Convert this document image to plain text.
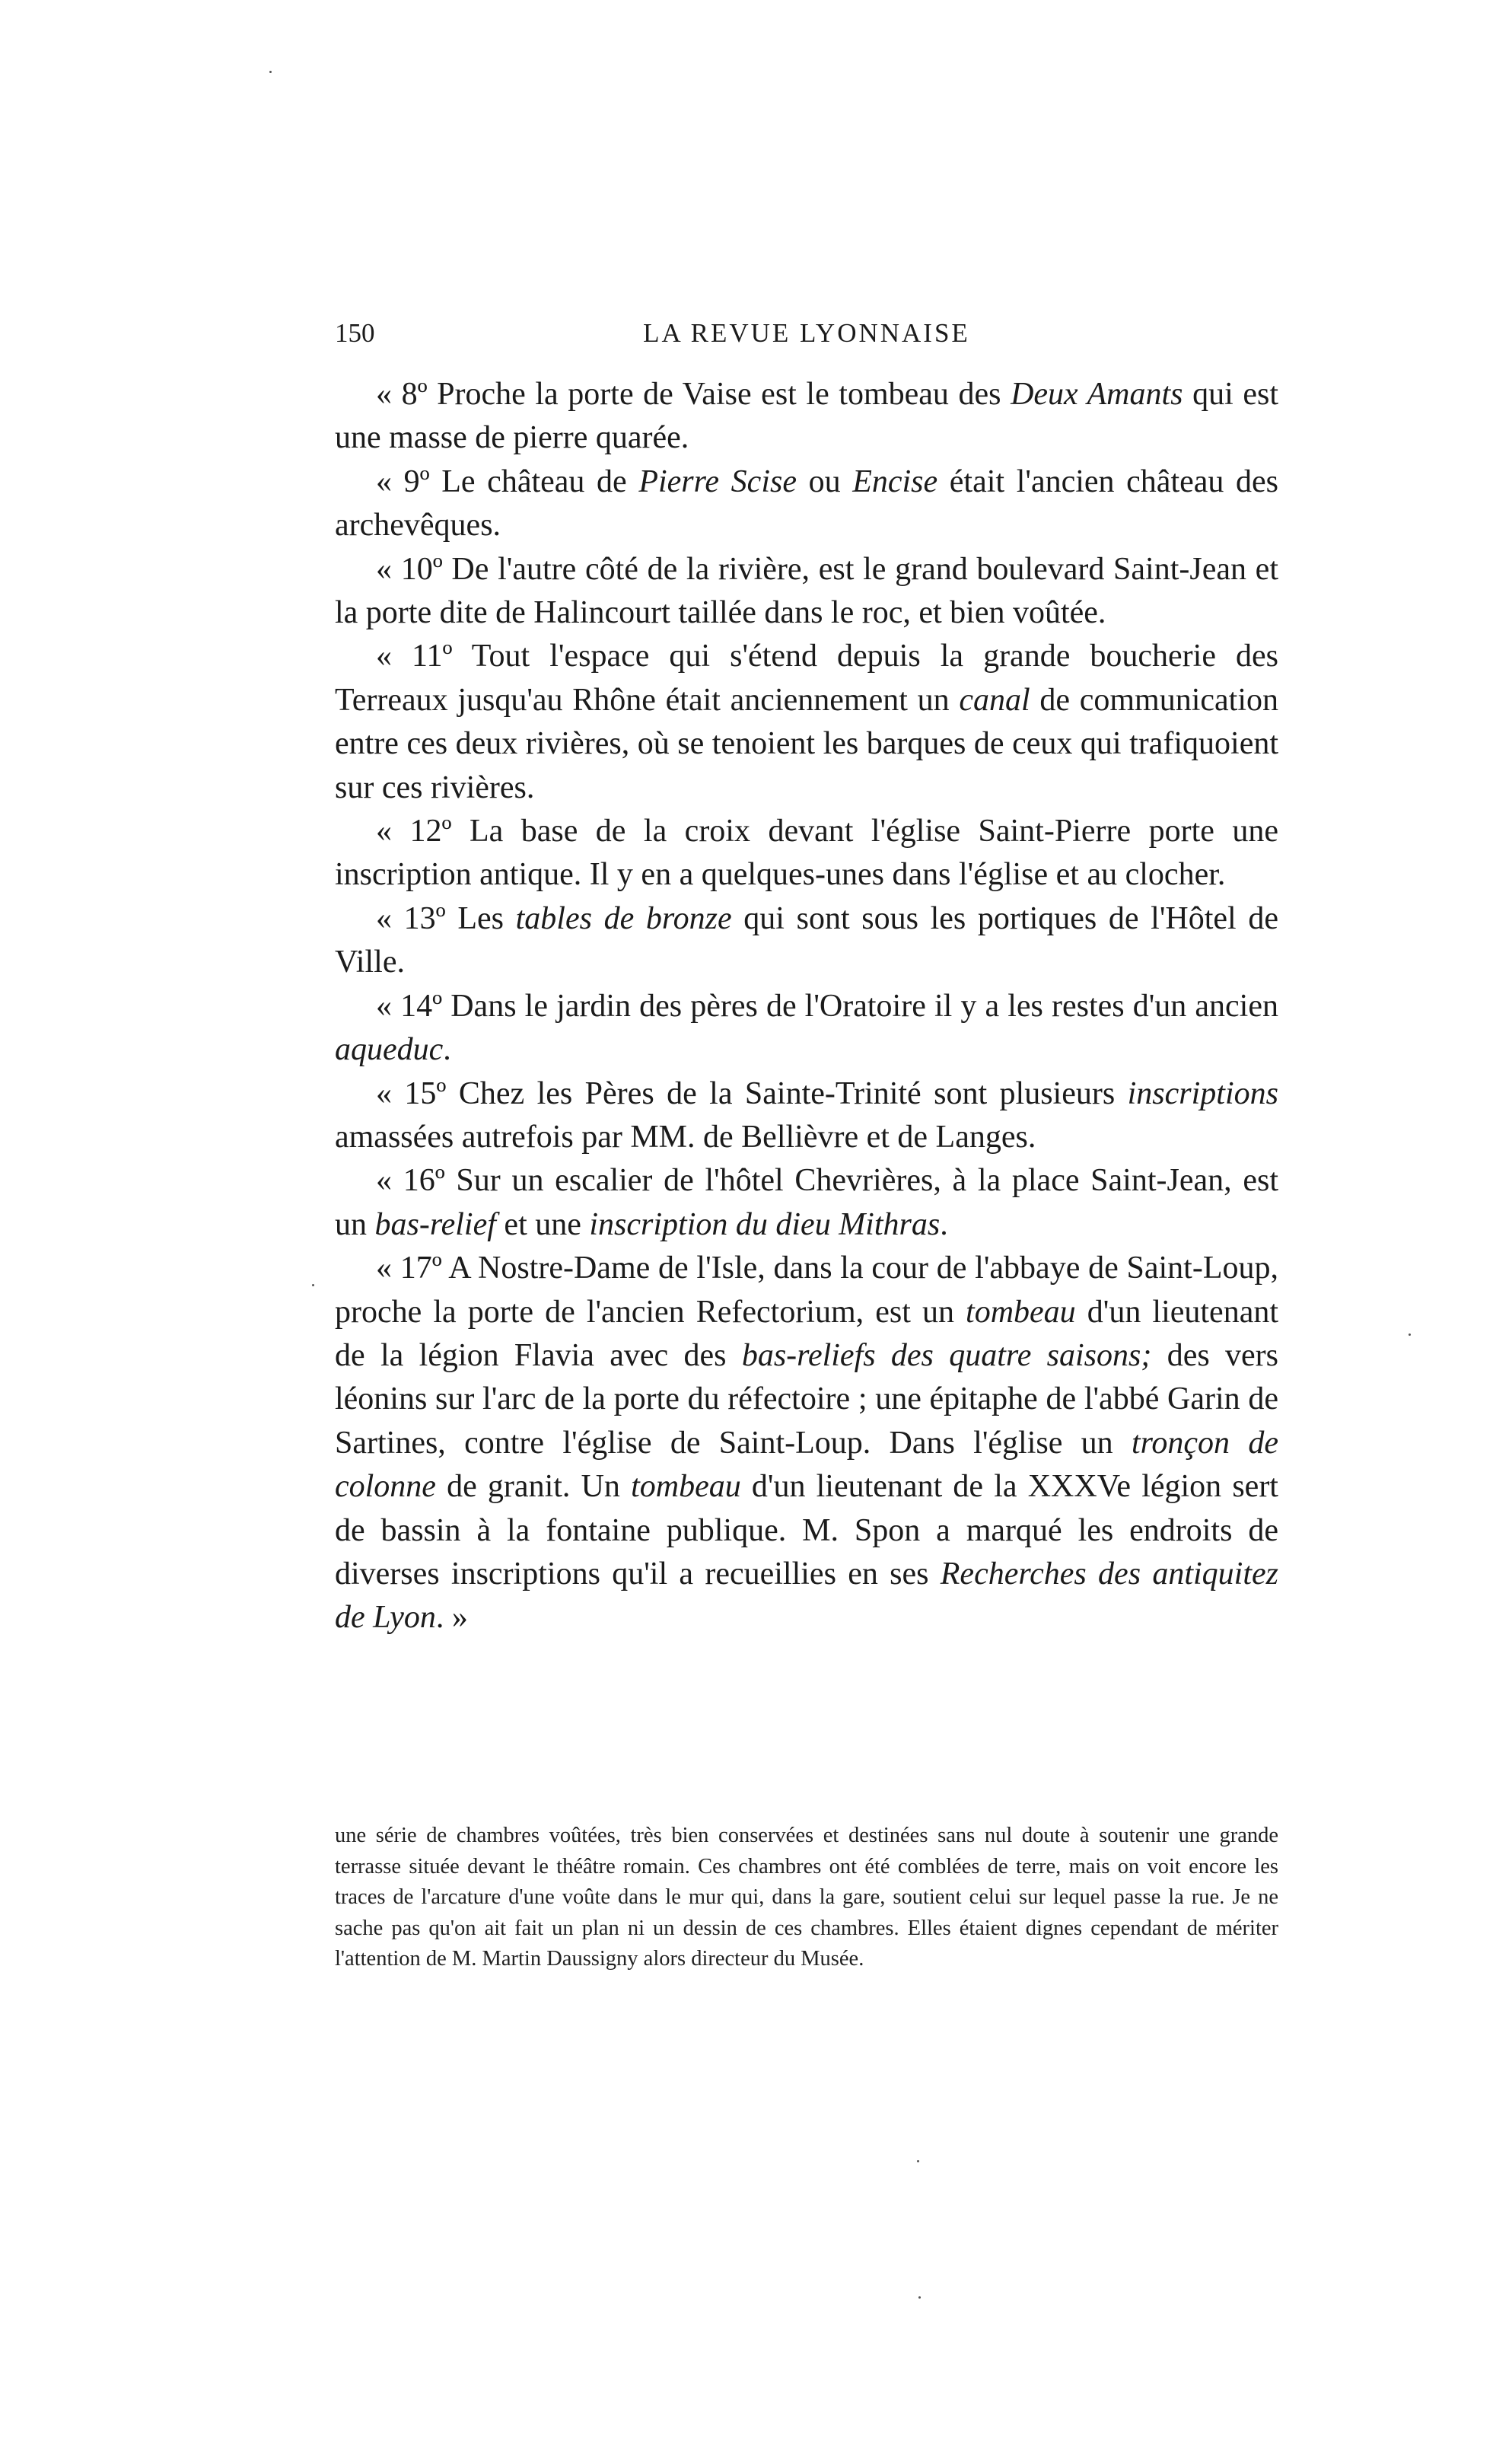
150	LA REVUE LYONNAISE

« 8º Proche la porte de Vaise est le tombeau des Deux Amants qui est une masse de pierre quarée.

« 9º Le château de Pierre Scise ou Encise était l'ancien château des archevêques.

« 10º De l'autre côté de la rivière, est le grand boulevard Saint-Jean et la porte dite de Halincourt taillée dans le roc, et bien voûtée.

« 11º Tout l'espace qui s'étend depuis la grande boucherie des Terreaux jusqu'au Rhône était anciennement un canal de communication entre ces deux rivières, où se tenoient les barques de ceux qui trafiquoient sur ces rivières.

« 12º La base de la croix devant l'église Saint-Pierre porte une inscription antique. Il y en a quelques-unes dans l'église et au clocher.

« 13º Les tables de bronze qui sont sous les portiques de l'Hôtel de Ville.

« 14º Dans le jardin des pères de l'Oratoire il y a les restes d'un ancien aqueduc.

« 15º Chez les Pères de la Sainte-Trinité sont plusieurs inscriptions amassées autrefois par MM. de Bellièvre et de Langes.

« 16º Sur un escalier de l'hôtel Chevrières, à la place Saint-Jean, est un bas-relief et une inscription du dieu Mithras.

« 17º A Nostre-Dame de l'Isle, dans la cour de l'abbaye de Saint-Loup, proche la porte de l'ancien Refectorium, est un tombeau d'un lieutenant de la légion Flavia avec des bas-reliefs des quatre saisons; des vers léonins sur l'arc de la porte du réfectoire ; une épitaphe de l'abbé Garin de Sartines, contre l'église de Saint-Loup. Dans l'église un tronçon de colonne de granit. Un tombeau d'un lieutenant de la XXXVe légion sert de bassin à la fontaine publique. M. Spon a marqué les endroits de diverses inscriptions qu'il a recueillies en ses Recherches des antiquitez de Lyon. »

une série de chambres voûtées, très bien conservées et destinées sans nul doute à soutenir une grande terrasse située devant le théâtre romain. Ces chambres ont été comblées de terre, mais on voit encore les traces de l'arcature d'une voûte dans le mur qui, dans la gare, soutient celui sur lequel passe la rue. Je ne sache pas qu'on ait fait un plan ni un dessin de ces chambres. Elles étaient dignes cependant de mériter l'attention de M. Martin Daussigny alors directeur du Musée.
